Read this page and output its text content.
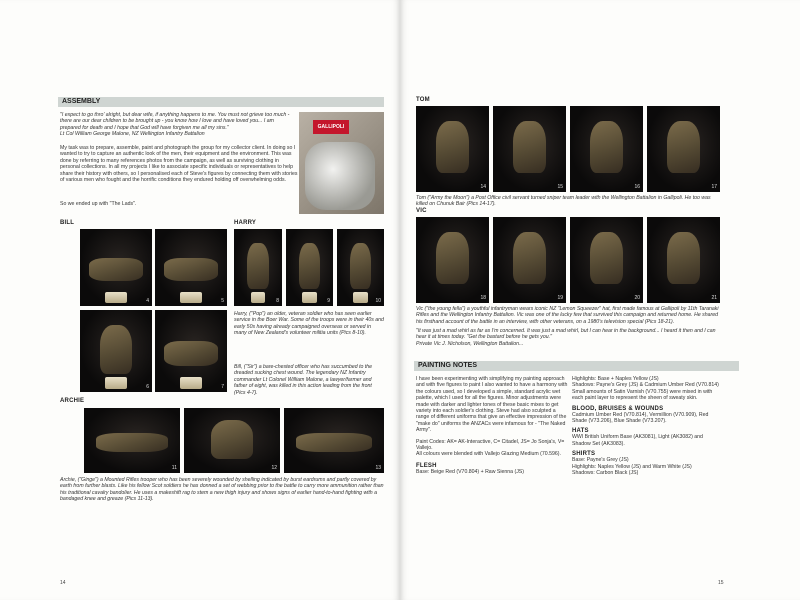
ASSEMBLY

"I expect to go thro' alright, but dear wife, if anything happens to me. You must not grieve too much - there are our dear children to be brought up - you know how I love and have loved you... I am prepared for death and I hope that God will have forgiven me all my sins."

Lt Col William George Malone, NZ Wellington Infantry Battalion

My task was to prepare, assemble, paint and photograph the group for my collector client. In doing so I wanted to try to capture an authentic look of the men, their equipment and the environment. This was done by referring to many references photos from the campaign, as well as surviving clothing in personal collections. In all my projects I like to associate specific individuals or representatives to help share their history with others, so I personalised each of Steve's figures by connecting them with stories of various men who fought and the horrific conditions they endured holding off overwhelming odds.

So we ended up with "The Lads".

GALLIPOLI
BILL
4	5
6	7
HARRY
8	9	10

Harry, ("Pop") an older, veteran soldier who has seen earlier service in the Boer War. Some of the troops were in their 40s and early 50s having already campaigned overseas or served in many of New Zealand's volunteer militia units (Pics 8-10).

Bill, ("Sir") a bare-chested officer who has succumbed to the dreaded sucking chest wound. The legendary NZ Infantry commander Lt Colonel William Malone, a lawyer/farmer and father of eight, was killed in this action leading from the front (Pics 4-7).

ARCHIE
11	12	13

Archie, ("Ginge") a Mounted Rifles trooper who has been severely wounded by shelling indicated by burst eardrums and partly covered by earth from further blasts. Like his fellow Scot soldiers he has donned a set of webbing prior to the battle to carry more ammunition rather than his traditional cavalry bandolier. He uses a makeshift rag to stem a new thigh injury and shows signs of earlier hand-to-hand fighting with a bandaged knee and greaze (Pics 11-13).

14
TOM
14	15	16	17

Tom ("Army the Moon") a Post Office civil servant turned sniper team leader with the Wellington Battalion in Gallipoli. He too was killed on Chunuk Bair (Pics 14-17).

VIC
18	19	20	21

Vic ("the young fella") a youthful infantryman wears iconic NZ "Lemon Squeezer" hat, first made famous at Gallipoli by 11th Taranaki Rifles and the Wellington Infantry Battalion. Vic was one of the lucky few that survived this campaign and returned home. He shared his firsthand account of the battle in an interview, with other veterans, on a 1980's television special (Pics 18-21).

"It was just a mad whirl as far as I'm concerned. It was just a mad whirl, but I can hear in the background... I heard it then and I can hear it at times today. "Get the bastard before he gets you."

Private Vic J. Nicholson, Wellington Battalion...

PAINTING NOTES

I have been experimenting with simplifying my painting approach and with five figures to paint I also wanted to have a harmony with the colours used, so I developed a simple, standard acrylic wet palette, which I used for all the figures. Minor adjustments were made with darker and lighter tones of these basic mixes to get variety into each soldier's clothing. Steve had also sculpted a range of different uniforms that give an effective impression of the "make do" uniforms the ANZACs were infamous for - "The Naked Army".

Paint Codes: AK= AK-Interactive, C= Citadel, JS= Jo Sonja's, V= Vallejo.

All colours were blended with Vallejo Glazing Medium (70.596).

FLESH

Base: Beige Red (V70.804) + Raw Sienna (JS)

Highlights: Base + Naples Yellow (JS)

Shadows: Payne's Grey (JS) & Cadmium Umber Red (V70.814) Small amounts of Satin Varnish (V70.755) were mixed in with each paint layer to represent the sheen of sweaty skin.

BLOOD, BRUISES & WOUNDS

Cadmium Umber Red (V70.814), Vermillion (V70.909), Red Shade (V73.206), Blue Shade (V73.207).

HATS

WWI British Uniform Base (AK3081), Light (AK3082) and Shadow Set (AK3083).

SHIRTS

Base: Payne's Grey (JS)

Highlights: Naples Yellow (JS) and Warm White (JS)

Shadows: Carbon Black (JS)

15
